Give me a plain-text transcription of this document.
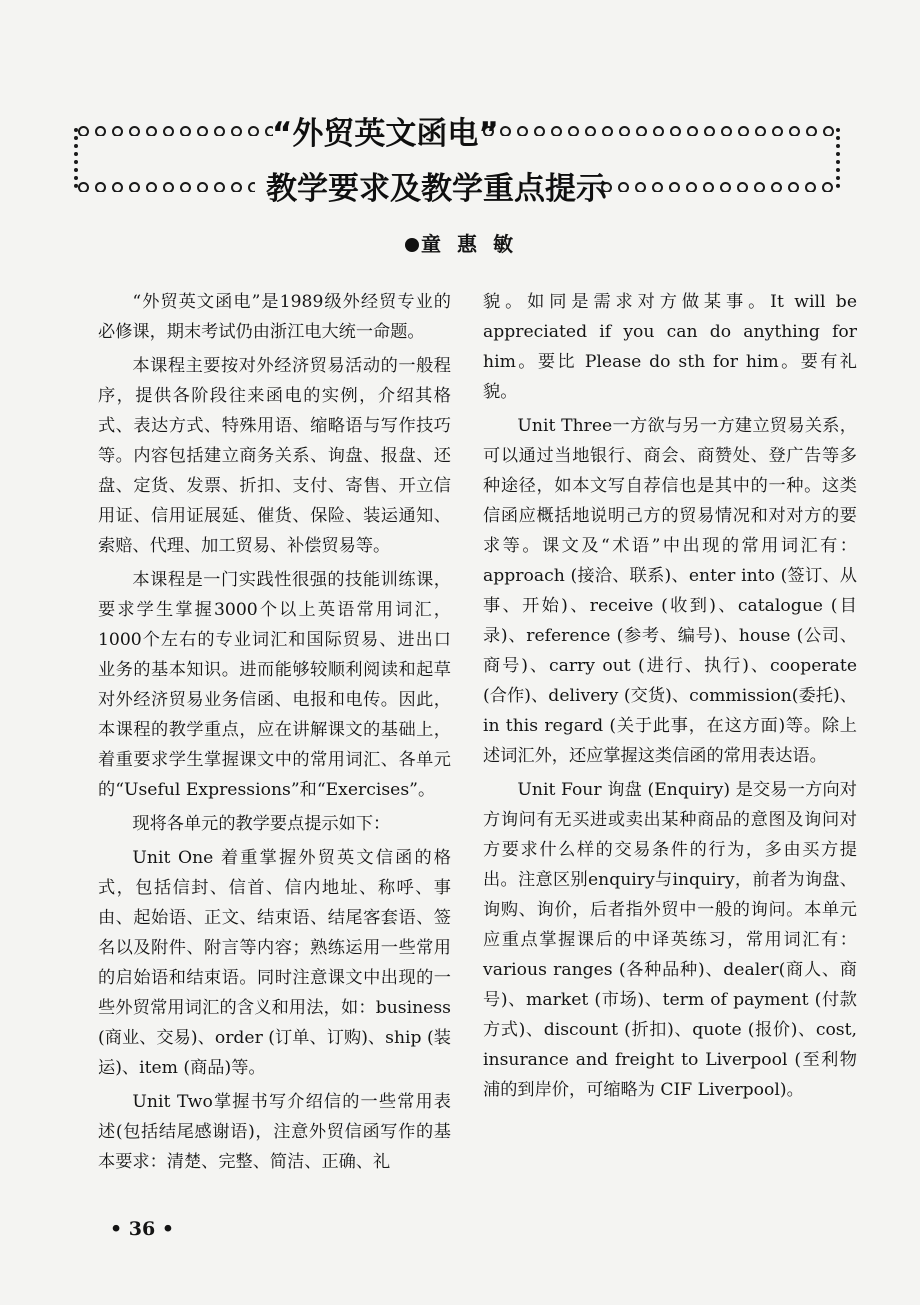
“外贸英文函电”
教学要求及教学重点提示
童惠敏

“外贸英文函电”是1989级外经贸专业的必修课，期末考试仍由浙江电大统一命题。

本课程主要按对外经济贸易活动的一般程序，提供各阶段往来函电的实例，介绍其格式、表达方式、特殊用语、缩略语与写作技巧等。内容包括建立商务关系、询盘、报盘、还盘、定货、发票、折扣、支付、寄售、开立信用证、信用证展延、催货、保险、装运通知、索赔、代理、加工贸易、补偿贸易等。

本课程是一门实践性很强的技能训练课，要求学生掌握3000个以上英语常用词汇，1000个左右的专业词汇和国际贸易、进出口业务的基本知识。进而能够较顺利阅读和起草对外经济贸易业务信函、电报和电传。因此，本课程的教学重点，应在讲解课文的基础上，着重要求学生掌握课文中的常用词汇、各单元的“Useful Expressions”和“Exercises”。

现将各单元的教学要点提示如下：

Unit One 着重掌握外贸英文信函的格式，包括信封、信首、信内地址、称呼、事由、起始语、正文、结束语、结尾客套语、签名以及附件、附言等内容；熟练运用一些常用的启始语和结束语。同时注意课文中出现的一些外贸常用词汇的含义和用法，如：business (商业、交易)、order (订单、订购)、ship (装运)、item (商品)等。

Unit Two掌握书写介绍信的一些常用表述(包括结尾感谢语)，注意外贸信函写作的基本要求：清楚、完整、简洁、正确、礼

貌。如同是需求对方做某事。It will be appreciated if you can do anything for him。要比 Please do sth for him。要有礼貌。

Unit Three一方欲与另一方建立贸易关系，可以通过当地银行、商会、商赞处、登广告等多种途径，如本文写自荐信也是其中的一种。这类信函应概括地说明己方的贸易情况和对对方的要求等。课文及“术语”中出现的常用词汇有：approach (接洽、联系)、enter into (签订、从事、开始)、receive (收到)、catalogue (目录)、reference (参考、编号)、house (公司、商号)、carry out (进行、执行)、cooperate (合作)、delivery (交货)、commission(委托)、in this regard (关于此事，在这方面)等。除上述词汇外，还应掌握这类信函的常用表达语。

Unit Four 询盘 (Enquiry) 是交易一方向对方询问有无买进或卖出某种商品的意图及询问对方要求什么样的交易条件的行为，多由买方提出。注意区别enquiry与inquiry，前者为询盘、询购、询价，后者指外贸中一般的询问。本单元应重点掌握课后的中译英练习，常用词汇有：various ranges (各种品种)、dealer(商人、商号)、market (市场)、term of payment (付款方式)、discount (折扣)、quote (报价)、cost, insurance and freight to Liverpool (至利物浦的到岸价，可缩略为 CIF Liverpool)。

• 36 •
